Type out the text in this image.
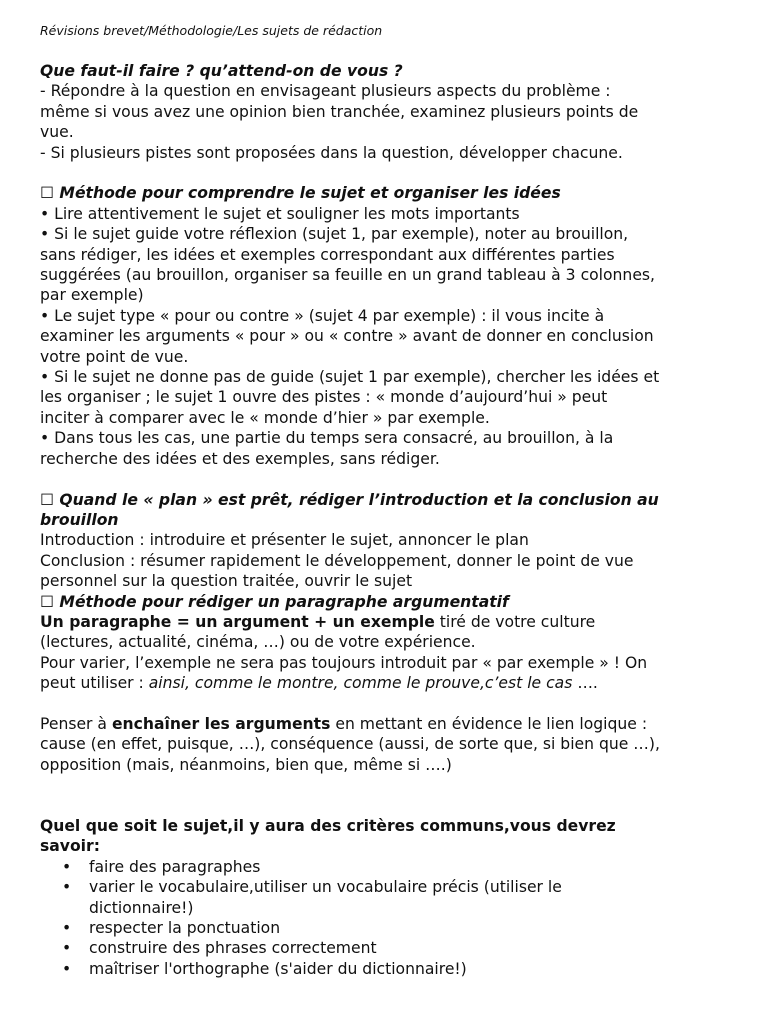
Révisions brevet/Méthodologie/Les sujets de rédaction

Que faut-il faire ? qu’attend-on de vous ?

- Répondre à la question en envisageant plusieurs aspects du problème :

même si vous avez une opinion bien tranchée, examinez plusieurs points de

vue.

- Si plusieurs pistes sont proposées dans la question, développer chacune.

☐ Méthode pour comprendre le sujet et organiser les idées

• Lire attentivement le sujet et souligner les mots importants

• Si le sujet guide votre réflexion (sujet 1, par exemple), noter au brouillon,

sans rédiger, les idées et exemples correspondant aux différentes parties

suggérées (au brouillon, organiser sa feuille en un grand tableau à 3 colonnes,

par exemple)

• Le sujet type « pour ou contre » (sujet 4 par exemple) : il vous incite à

examiner les arguments « pour » ou « contre » avant de donner en conclusion

votre point de vue.

• Si le sujet ne donne pas de guide (sujet 1 par exemple), chercher les idées et

les organiser ; le sujet 1 ouvre des pistes : « monde d’aujourd’hui » peut

inciter à comparer avec le « monde d’hier » par exemple.

• Dans tous les cas, une partie du temps sera consacré, au brouillon, à la

recherche des idées et des exemples, sans rédiger.

☐ Quand le « plan » est prêt, rédiger l’introduction et la conclusion au

brouillon

Introduction : introduire et présenter le sujet, annoncer le plan

Conclusion : résumer rapidement le développement, donner le point de vue

personnel sur la question traitée, ouvrir le sujet

☐ Méthode pour rédiger un paragraphe argumentatif

Un paragraphe = un argument + un exemple tiré de votre culture

(lectures, actualité, cinéma, …) ou de votre expérience.

Pour varier, l’exemple ne sera pas toujours introduit par « par exemple » ! On

peut utiliser : ainsi, comme le montre, comme le prouve,c’est le cas ….

Penser à enchaîner les arguments en mettant en évidence le lien logique :

cause (en effet, puisque, …), conséquence (aussi, de sorte que, si bien que …),

opposition (mais, néanmoins, bien que, même si ….)

Quel que soit le sujet,il y aura des critères communs,vous devrez

savoir:

• faire des paragraphes
• varier le vocabulaire,utiliser un vocabulaire précis (utiliser le
dictionnaire!)
• respecter la ponctuation
• construire des phrases correctement
• maîtriser l'orthographe (s'aider du dictionnaire!)
